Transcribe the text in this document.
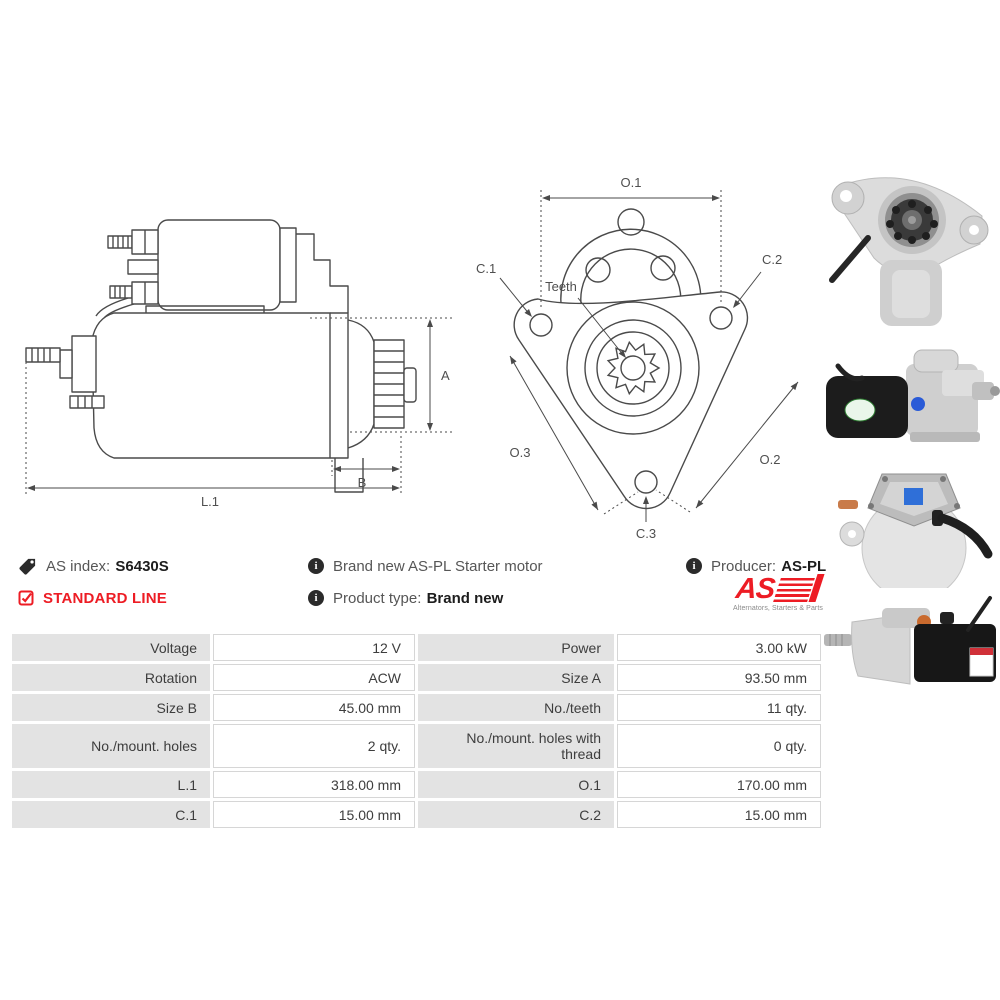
A
B
L.1
O.1
C.1
C.2
C.3
Teeth
O.3	O.2
AS index: S6430S
STANDARD LINE
i	Brand new AS-PL Starter motor
i	Product type: Brand new
i	Producer: AS-PL
AS
Alternators, Starters & Parts
Voltage	12 V	Power	3.00 kW
Rotation	ACW	Size A	93.50 mm
Size B	45.00 mm	No./teeth	11 qty.
No./mount. holes	2 qty.	No./mount. holes with thread	0 qty.
L.1	318.00 mm	O.1	170.00 mm
C.1	15.00 mm	C.2	15.00 mm
